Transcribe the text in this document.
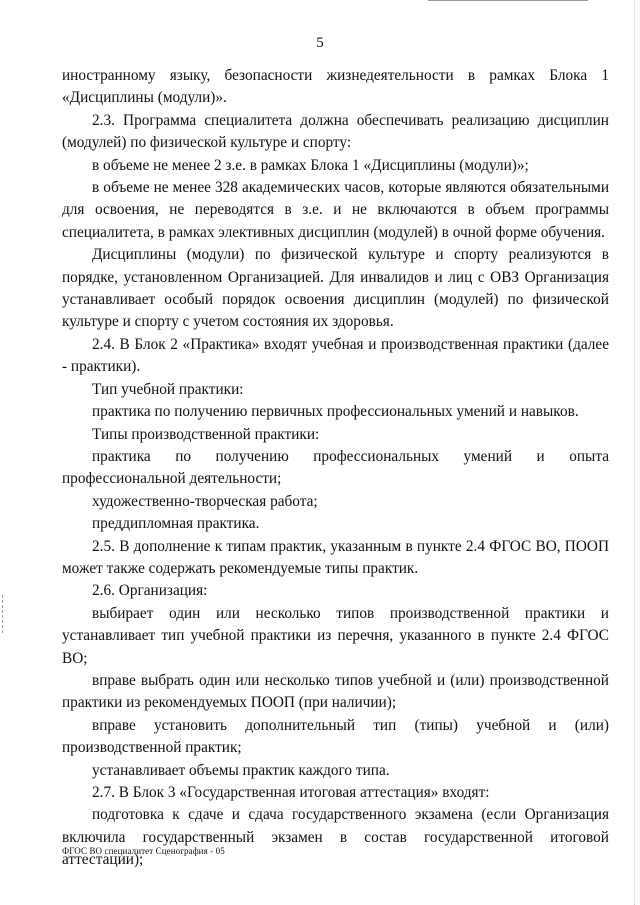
5

иностранному языку, безопасности жизнедеятельности в рамках Блока 1 «Дисциплины (модули)».

2.3. Программа специалитета должна обеспечивать реализацию дисциплин (модулей) по физической культуре и спорту:

в объеме не менее 2 з.е. в рамках Блока 1 «Дисциплины (модули)»;

в объеме не менее 328 академических часов, которые являются обязательными для освоения, не переводятся в з.е. и не включаются в объем программы специалитета, в рамках элективных дисциплин (модулей) в очной форме обучения.

Дисциплины (модули) по физической культуре и спорту реализуются в порядке, установленном Организацией. Для инвалидов и лиц с ОВЗ Организация устанавливает особый порядок освоения дисциплин (модулей) по физической культуре и спорту с учетом состояния их здоровья.

2.4. В Блок 2 «Практика» входят учебная и производственная практики (далее - практики).

Тип учебной практики:

практика по получению первичных профессиональных умений и навыков.

Типы производственной практики:

практика по получению профессиональных умений и опыта профессиональной деятельности;

художественно-творческая работа;

преддипломная практика.

2.5. В дополнение к типам практик, указанным в пункте 2.4 ФГОС ВО, ПООП может также содержать рекомендуемые типы практик.

2.6. Организация:

выбирает один или несколько типов производственной практики и устанавливает тип учебной практики из перечня, указанного в пункте 2.4 ФГОС ВО;

вправе выбрать один или несколько типов учебной и (или) производственной практики из рекомендуемых ПООП (при наличии);

вправе установить дополнительный тип (типы) учебной и (или) производственной практик;

устанавливает объемы практик каждого типа.

2.7. В Блок 3 «Государственная итоговая аттестация» входят:

подготовка к сдаче и сдача государственного экзамена (если Организация включила государственный экзамен в состав государственной итоговой аттестации);

ФГОС ВО специалитет Сценография - 05
